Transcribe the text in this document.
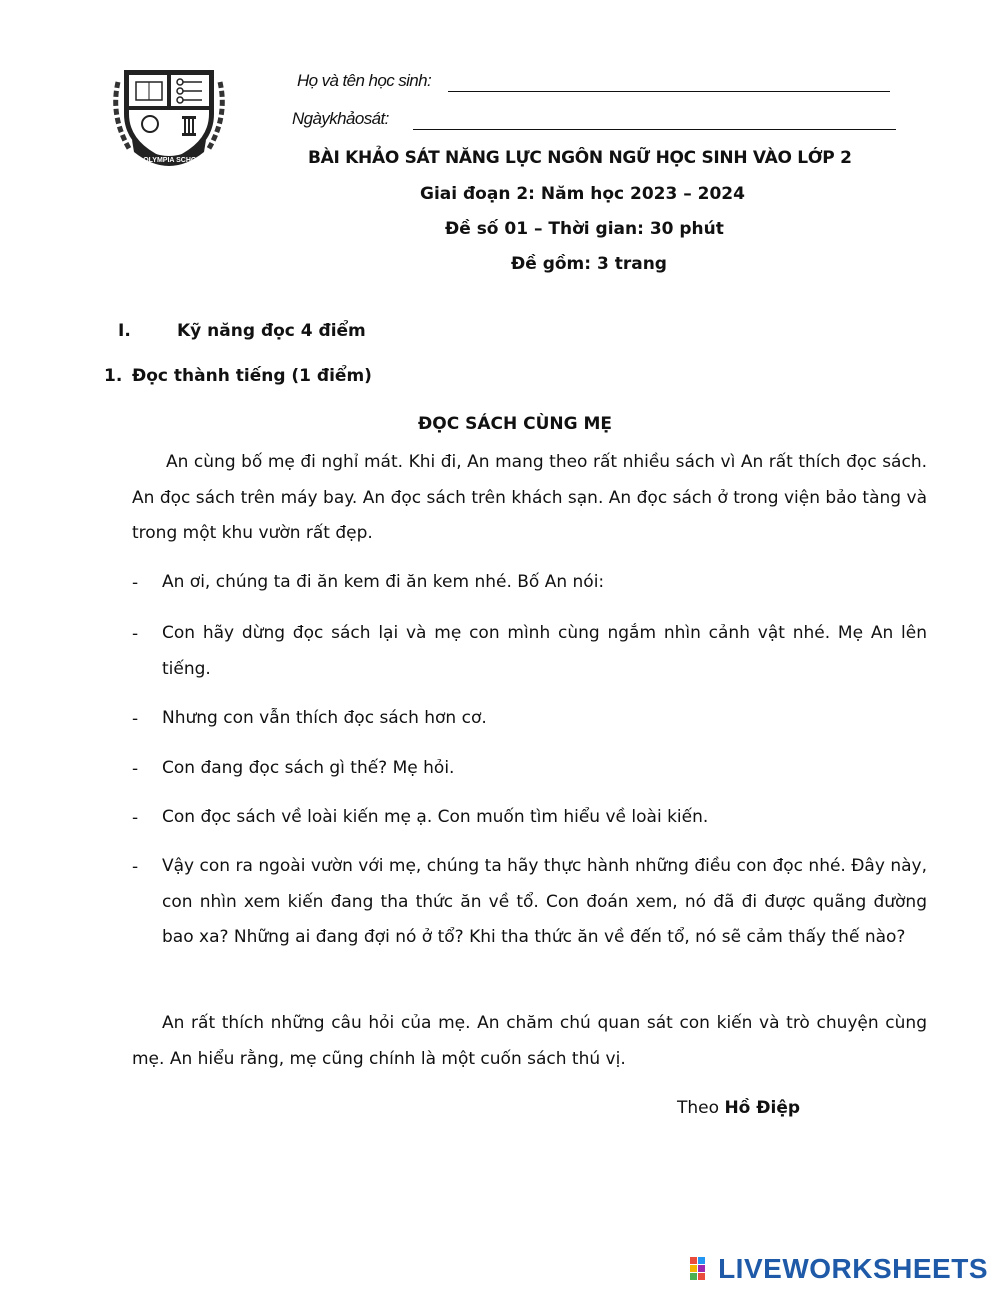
THE OLYMPIA SCHOOLS
Họ và tên học sinh:
Ngàykhảosát:
BÀI KHẢO SÁT NĂNG LỰC NGÔN NGỮ HỌC SINH VÀO LỚP 2
Giai đoạn 2: Năm học 2023 – 2024
Đề số 01 – Thời gian: 30 phút
Đề gồm: 3 trang
I.	Kỹ năng đọc 4 điểm
1. Đọc thành tiếng (1 điểm)
ĐỌC SÁCH CÙNG MẸ
An cùng bố mẹ đi nghỉ mát. Khi đi, An mang theo rất nhiều sách vì An rất thích đọc sách. An đọc sách trên máy bay. An đọc sách trên khách sạn. An đọc sách ở trong viện bảo tàng và trong một khu vườn rất đẹp.
- An ơi, chúng ta đi ăn kem đi ăn kem nhé. Bố An nói:
- Con hãy dừng đọc sách lại và mẹ con mình cùng ngắm nhìn cảnh vật nhé. Mẹ An lên tiếng.
- Nhưng con vẫn thích đọc sách hơn cơ.
- Con đang đọc sách gì thế? Mẹ hỏi.
- Con đọc sách về loài kiến mẹ ạ. Con muốn tìm hiểu về loài kiến.
- Vậy con ra ngoài vườn với mẹ, chúng ta hãy thực hành những điều con đọc nhé. Đây này, con nhìn xem kiến đang tha thức ăn về tổ. Con đoán xem, nó đã đi được quãng đường bao xa? Những ai đang đợi nó ở tổ? Khi tha thức ăn về đến tổ, nó sẽ cảm thấy thế nào?
An rất thích những câu hỏi của mẹ. An chăm chú quan sát con kiến và trò chuyện cùng mẹ. An hiểu rằng, mẹ cũng chính là một cuốn sách thú vị.
Theo Hồ Điệp
LIVEWORKSHEETS
